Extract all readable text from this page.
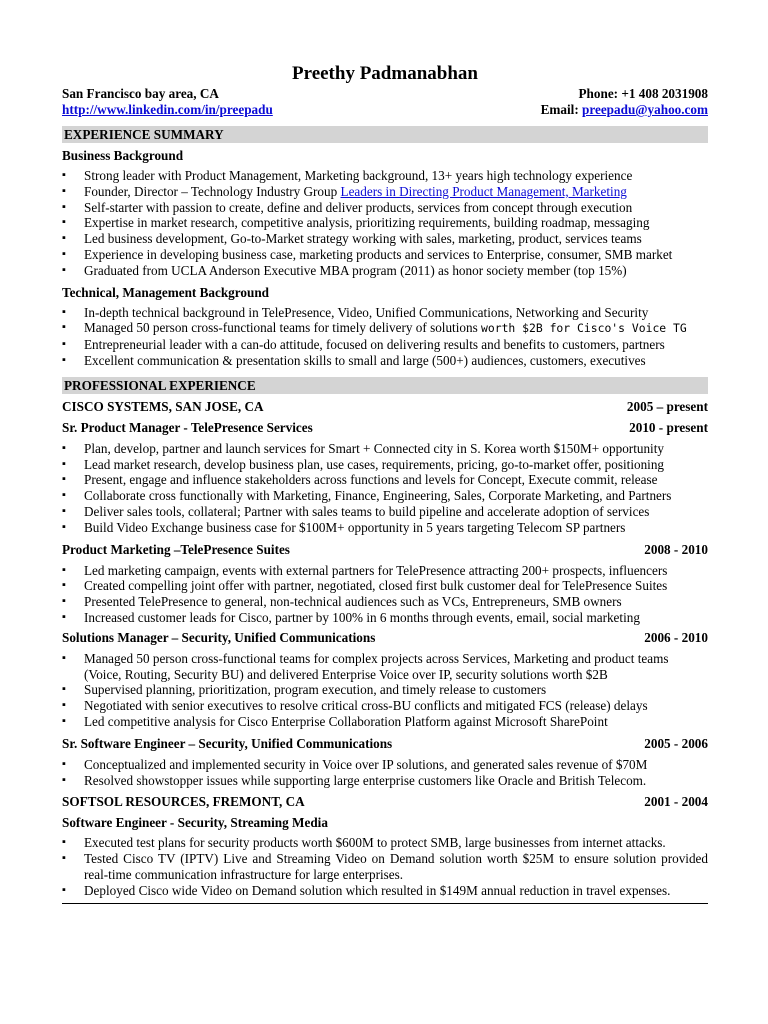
Preethy Padmanabhan
San Francisco bay area, CA	Phone: +1 408 2031908
http://www.linkedin.com/in/preepadu	Email: preepadu@yahoo.com
EXPERIENCE SUMMARY
Business Background
▪ Strong leader with Product Management, Marketing background, 13+ years high technology experience
▪ Founder, Director – Technology Industry Group Leaders in Directing Product Management, Marketing
▪ Self-starter with passion to create, define and deliver products, services from concept through execution
▪ Expertise in market research, competitive analysis, prioritizing requirements, building roadmap, messaging
▪ Led business development, Go-to-Market strategy working with sales, marketing, product, services teams
▪ Experience in developing business case, marketing products and services to Enterprise, consumer, SMB market
▪ Graduated from UCLA Anderson Executive MBA program (2011) as honor society member (top 15%)
Technical, Management Background
▪ In-depth technical background in TelePresence, Video, Unified Communications, Networking and Security
▪ Managed 50 person cross-functional teams for timely delivery of solutions worth $2B for Cisco's Voice TG
▪ Entrepreneurial leader with a can-do attitude, focused on delivering results and benefits to customers, partners
▪ Excellent communication & presentation skills to small and large (500+) audiences, customers, executives
PROFESSIONAL EXPERIENCE
CISCO SYSTEMS, SAN JOSE, CA	2005 – present
Sr. Product Manager - TelePresence Services	2010 - present
▪ Plan, develop, partner and launch services for Smart + Connected city in S. Korea worth $150M+ opportunity
▪ Lead market research, develop business plan, use cases, requirements, pricing, go-to-market offer, positioning
▪ Present, engage and influence stakeholders across functions and levels for Concept, Execute commit, release
▪ Collaborate cross functionally with Marketing, Finance, Engineering, Sales, Corporate Marketing, and Partners
▪ Deliver sales tools, collateral; Partner with sales teams to build pipeline and accelerate adoption of services
▪ Build Video Exchange business case for $100M+ opportunity in 5 years targeting Telecom SP partners
Product Marketing –TelePresence Suites	2008 - 2010
▪ Led marketing campaign, events with external partners for TelePresence attracting 200+ prospects, influencers
▪ Created compelling joint offer with partner, negotiated, closed first bulk customer deal for TelePresence Suites
▪ Presented TelePresence to general, non-technical audiences such as VCs, Entrepreneurs, SMB owners
▪ Increased customer leads for Cisco, partner by 100% in 6 months through events, email, social marketing
Solutions Manager – Security, Unified Communications	2006 - 2010
▪ Managed 50 person cross-functional teams for complex projects across Services, Marketing and product teams (Voice, Routing, Security BU) and delivered Enterprise Voice over IP, security solutions worth $2B
▪ Supervised planning, prioritization, program execution, and timely release to customers
▪ Negotiated with senior executives to resolve critical cross-BU conflicts and mitigated FCS (release) delays
▪ Led competitive analysis for Cisco Enterprise Collaboration Platform against Microsoft SharePoint
Sr. Software Engineer – Security, Unified Communications	2005 - 2006
▪ Conceptualized and implemented security in Voice over IP solutions, and generated sales revenue of $70M
▪ Resolved showstopper issues while supporting large enterprise customers like Oracle and British Telecom.
SOFTSOL RESOURCES, FREMONT, CA	2001 - 2004
Software Engineer - Security, Streaming Media
▪ Executed test plans for security products worth $600M to protect SMB, large businesses from internet attacks.
▪ Tested Cisco TV (IPTV) Live and Streaming Video on Demand solution worth $25M to ensure solution provided real-time communication infrastructure for large enterprises.
▪ Deployed Cisco wide Video on Demand solution which resulted in $149M annual reduction in travel expenses.
